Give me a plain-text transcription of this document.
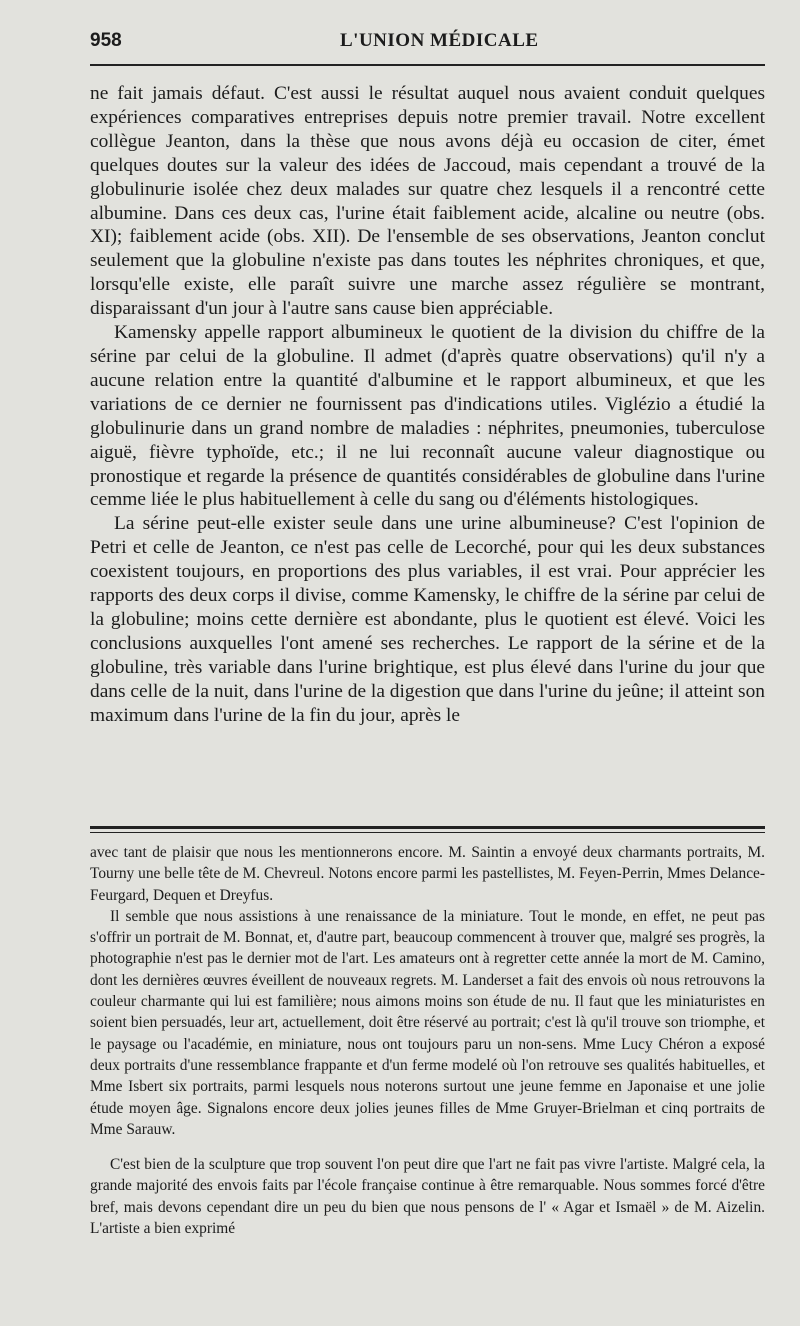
958	L'UNION MÉDICALE

ne fait jamais défaut. C'est aussi le résultat auquel nous avaient conduit quelques expériences comparatives entreprises depuis notre premier travail. Notre excellent collègue Jeanton, dans la thèse que nous avons déjà eu occasion de citer, émet quelques doutes sur la valeur des idées de Jaccoud, mais cependant a trouvé de la globulinurie isolée chez deux malades sur quatre chez lesquels il a rencontré cette albumine. Dans ces deux cas, l'urine était faiblement acide, alcaline ou neutre (obs. XI); faiblement acide (obs. XII). De l'ensemble de ses observations, Jeanton conclut seulement que la globuline n'existe pas dans toutes les néphrites chroniques, et que, lorsqu'elle existe, elle paraît suivre une marche assez régulière se montrant, disparaissant d'un jour à l'autre sans cause bien appréciable.

Kamensky appelle rapport albumineux le quotient de la division du chiffre de la sérine par celui de la globuline. Il admet (d'après quatre observations) qu'il n'y a aucune relation entre la quantité d'albumine et le rapport albumineux, et que les variations de ce dernier ne fournissent pas d'indications utiles. Viglézio a étudié la globulinurie dans un grand nombre de maladies : néphrites, pneumonies, tuberculose aiguë, fièvre typhoïde, etc.; il ne lui reconnaît aucune valeur diagnostique ou pronostique et regarde la présence de quantités considérables de globuline dans l'urine cemme liée le plus habituellement à celle du sang ou d'éléments histologiques.

La sérine peut-elle exister seule dans une urine albumineuse? C'est l'opinion de Petri et celle de Jeanton, ce n'est pas celle de Lecorché, pour qui les deux substances coexistent toujours, en proportions des plus variables, il est vrai. Pour apprécier les rapports des deux corps il divise, comme Kamensky, le chiffre de la sérine par celui de la globuline; moins cette dernière est abondante, plus le quotient est élevé. Voici les conclusions auxquelles l'ont amené ses recherches. Le rapport de la sérine et de la globuline, très variable dans l'urine brightique, est plus élevé dans l'urine du jour que dans celle de la nuit, dans l'urine de la digestion que dans l'urine du jeûne; il atteint son maximum dans l'urine de la fin du jour, après le

avec tant de plaisir que nous les mentionnerons encore. M. Saintin a envoyé deux charmants portraits, M. Tourny une belle tête de M. Chevreul. Notons encore parmi les pastellistes, M. Feyen-Perrin, Mmes Delance-Feurgard, Dequen et Dreyfus.

Il semble que nous assistions à une renaissance de la miniature. Tout le monde, en effet, ne peut pas s'offrir un portrait de M. Bonnat, et, d'autre part, beaucoup commencent à trouver que, malgré ses progrès, la photographie n'est pas le dernier mot de l'art. Les amateurs ont à regretter cette année la mort de M. Camino, dont les dernières œuvres éveillent de nouveaux regrets. M. Landerset a fait des envois où nous retrouvons la couleur charmante qui lui est familière; nous aimons moins son étude de nu. Il faut que les miniaturistes en soient bien persuadés, leur art, actuellement, doit être réservé au portrait; c'est là qu'il trouve son triomphe, et le paysage ou l'académie, en miniature, nous ont toujours paru un non-sens. Mme Lucy Chéron a exposé deux portraits d'une ressemblance frappante et d'un ferme modelé où l'on retrouve ses qualités habituelles, et Mme Isbert six portraits, parmi lesquels nous noterons surtout une jeune femme en Japonaise et une jolie étude moyen âge. Signalons encore deux jolies jeunes filles de Mme Gruyer-Brielman et cinq portraits de Mme Sarauw.

C'est bien de la sculpture que trop souvent l'on peut dire que l'art ne fait pas vivre l'artiste. Malgré cela, la grande majorité des envois faits par l'école française continue à être remarquable. Nous sommes forcé d'être bref, mais devons cependant dire un peu du bien que nous pensons de l' « Agar et Ismaël » de M. Aizelin. L'artiste a bien exprimé
